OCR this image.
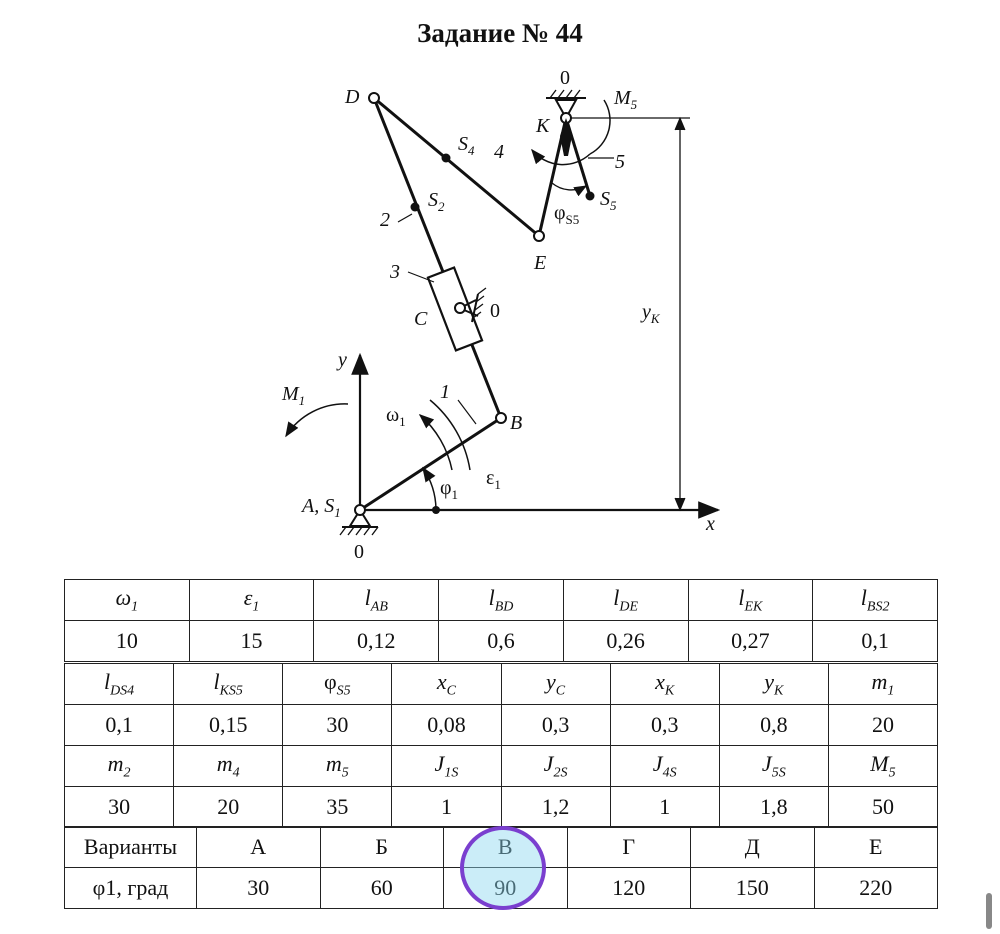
Задание № 44
D
0
$M_5$
K
$S_4$ 4	5
$S_2$
2
$S_5$
$\varphi_{S5}$
E
3
C	0	$y_K$
y
$M_1$	1
$\omega_1$	B
$\varepsilon_1$
$\varphi_1$
A, $S_1$
x
0
$\omega_1$	$\varepsilon_1$	$l_{AB}$	$l_{BD}$	$l_{DE}$	$l_{EK}$	$l_{BS2}$
10	15	0,12	0,6	0,26	0,27	0,1
$l_{DS4}$	$l_{KS5}$	$\varphi_{S5}$	$x_C$	$y_C$	$x_K$	$y_K$	$m_1$
0,1	0,15	30	0,08	0,3	0,3	0,8	20
$m_2$	$m_4$	$m_5$	$J_{1S}$	$J_{2S}$	$J_{4S}$	$J_{5S}$	$M_5$
30	20	35	1	1,2	1	1,8	50
Варианты	А	Б	В	Г	Д	Е
φ1, град	30	60	90	120	150	220
